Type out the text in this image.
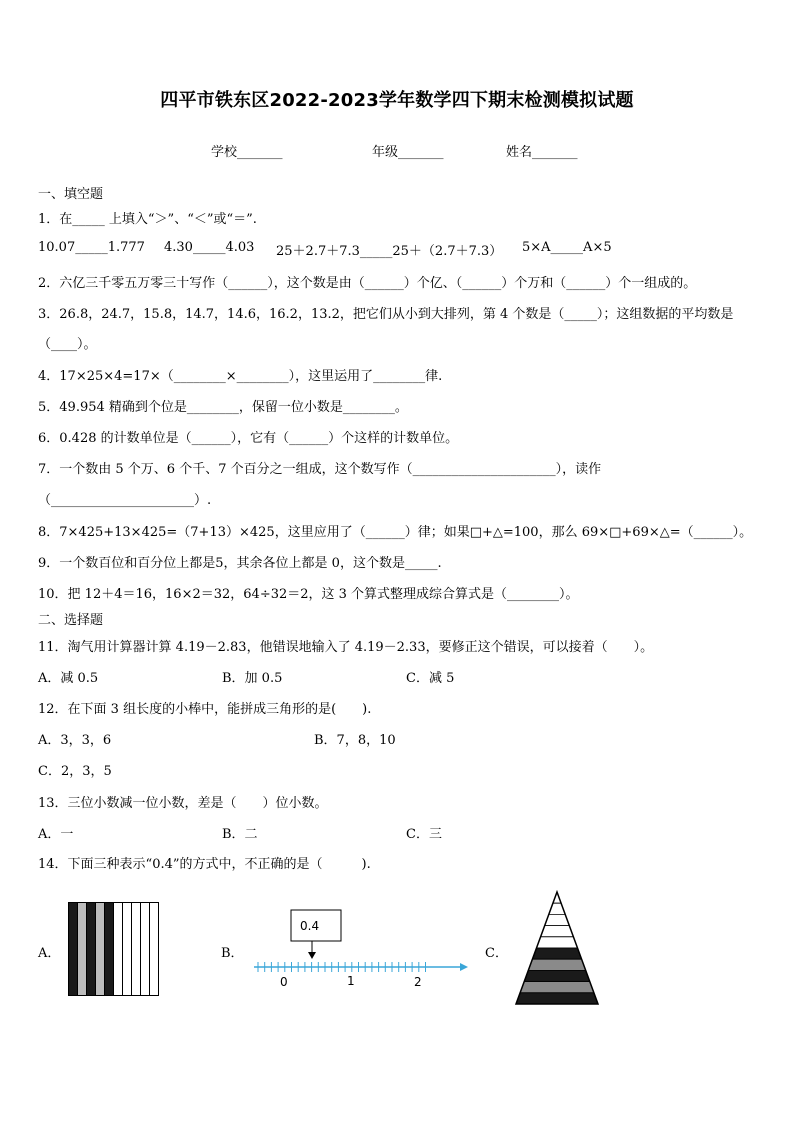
四平市铁东区2022-2023学年数学四下期末检测模拟试题
学校_______	年级_______	姓名_______
一、填空题
1．在_____ 上填入“＞”、“＜”或“＝”.
10.07_____1.777 4.30_____4.03 25＋2.7＋7.3_____25＋（2.7＋7.3） 5×A_____A×5
2．六亿三千零五万零三十写作（______），这个数是由（______）个亿、（______）个万和（______）个一组成的。
3．26.8，24.7，15.8，14.7，14.6，16.2，13.2，把它们从小到大排列，第 4 个数是（_____）；这组数据的平均数是
（____）。
4．17×25×4=17×（________×________），这里运用了________律.
5．49.954 精确到个位是________，保留一位小数是________。
6．0.428 的计数单位是（______），它有（______）个这样的计数单位。
7．一个数由 5 个万、6 个千、7 个百分之一组成，这个数写作（______________________），读作
（______________________）.
8．7×425+13×425=（7+13）×425，这里应用了（______）律；如果□+△=100，那么 69×□+69×△=（______）。
9．一个数百位和百分位上都是5，其余各位上都是 0，这个数是_____.
10．把 12＋4＝16，16×2＝32，64÷32＝2，这 3 个算式整理成综合算式是（________）。
二、选择题
11．淘气用计算器计算 4.19－2.83，他错误地输入了 4.19－2.33，要修正这个错误，可以接着（　　）。
A．减 0.5	B．加 0.5	C．减 5
12．在下面 3 组长度的小棒中，能拼成三角形的是(　　).
A．3，3，6	B．7，8，10
C．2，3，5
13．三位小数减一位小数，差是（　　）位小数。
A．一	B．二	C．三
14．下面三种表示“0.4”的方式中，不正确的是（　　　).
A．	B．
0.4
0	1	2
C．
